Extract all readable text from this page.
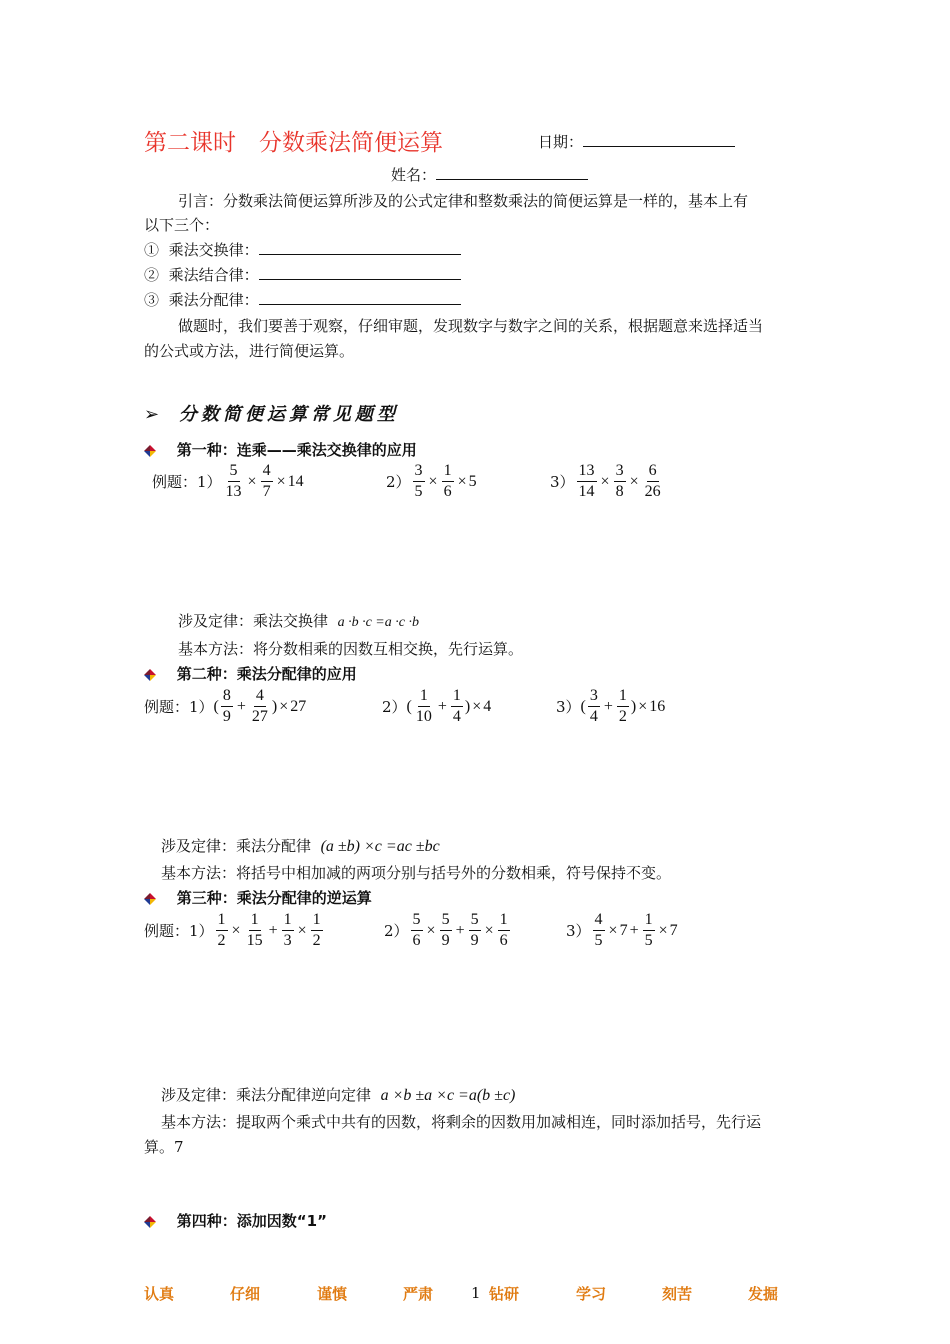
第二课时　分数乘法简便运算	日期：
姓名：
引言：分数乘法简便运算所涉及的公式定律和整数乘法的简便运算是一样的，基本上有
以下三个：
① 乘法交换律：
② 乘法结合律：
③ 乘法分配律：
做题时，我们要善于观察，仔细审题，发现数字与数字之间的关系，根据题意来选择适当
的公式或方法，进行简便运算。
➢ 分数简便运算常见题型
第一种：连乘——乘法交换律的应用
例题：$1) \frac{5}{13} \times \frac{4}{7} \times 14$	$2) \frac{3}{5} \times \frac{1}{6} \times 5$	$3) \frac{13}{14} \times \frac{3}{8} \times \frac{6}{26}$
涉及定律：乘法交换律 a ·b ·c =a ·c ·b
基本方法：将分数相乘的因数互相交换，先行运算。
第二种：乘法分配律的应用
例题：1） ( $\frac{8}{9} + \frac{4}{27}$ ) × 27	2） ( $\frac{1}{10} + \frac{1}{4}$ ) × 4	3） ( $\frac{3}{4} + \frac{1}{2}$ ) × 16
涉及定律：乘法分配律 (a ±b) ×c =ac ±bc
基本方法：将括号中相加减的两项分别与括号外的分数相乘，符号保持不变。
第三种：乘法分配律的逆运算
例题：$1) \frac{1}{2} \times \frac{1}{15} + \frac{1}{3} \times \frac{1}{2}$	$2) \frac{5}{6} \times \frac{5}{9} + \frac{5}{9} \times \frac{1}{6}$	$3) \frac{4}{5} \times 7 + \frac{1}{5} \times 7$
涉及定律：乘法分配律逆向定律 a ×b ±a ×c =a(b ±c)
基本方法：提取两个乘式中共有的因数，将剩余的因数用加减相连，同时添加括号，先行运
算。7
第四种：添加因数“1”
认真	仔细	谨慎	严肃	1 钻研	学习	刻苦	发掘
